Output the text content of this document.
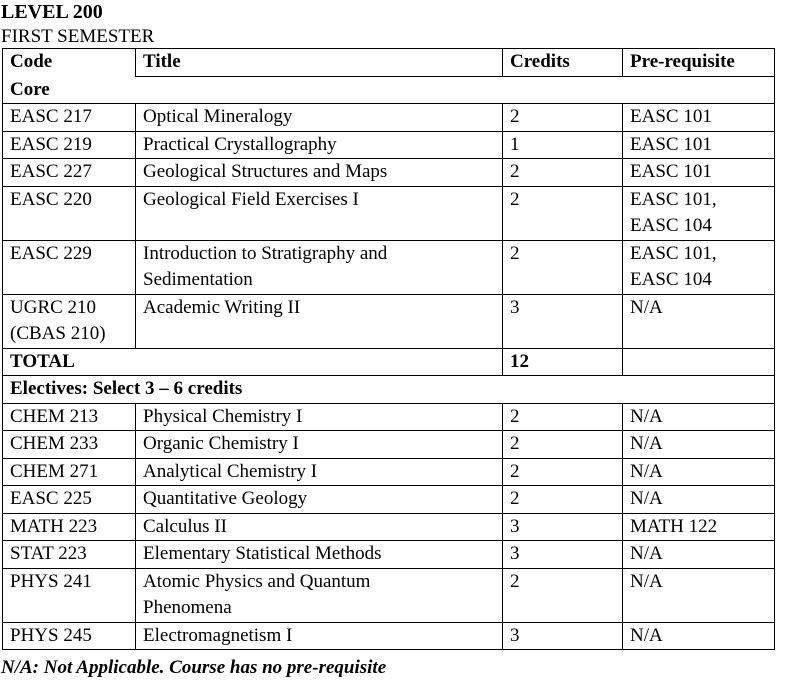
LEVEL 200
FIRST SEMESTER
Code	Title	Credits	Pre-requisite
Core			

EASC 217	Optical Mineralogy	2	EASC 101

EASC 219	Practical Crystallography	1	EASC 101

EASC 227	Geological Structures and Maps	2	EASC 101

EASC 220	Geological Field Exercises I	2	EASC 101,
EASC 104

EASC 229	Introduction to Stratigraphy and
Sedimentation	2	EASC 101,
EASC 104

UGRC 210
(CBAS 210)	Academic Writing II	3	N/A

TOTAL		12	
Electives: Select 3 – 6 credits			

CHEM 213	Physical Chemistry I	2	N/A

CHEM 233	Organic Chemistry I	2	N/A

CHEM 271	Analytical Chemistry I	2	N/A

EASC 225	Quantitative Geology	2	N/A

MATH 223	Calculus II	3	MATH 122

STAT 223	Elementary Statistical Methods	3	N/A

PHYS 241	Atomic Physics and Quantum
Phenomena	2	N/A

PHYS 245	Electromagnetism I	3	N/A
N/A: Not Applicable. Course has no pre-requisite
